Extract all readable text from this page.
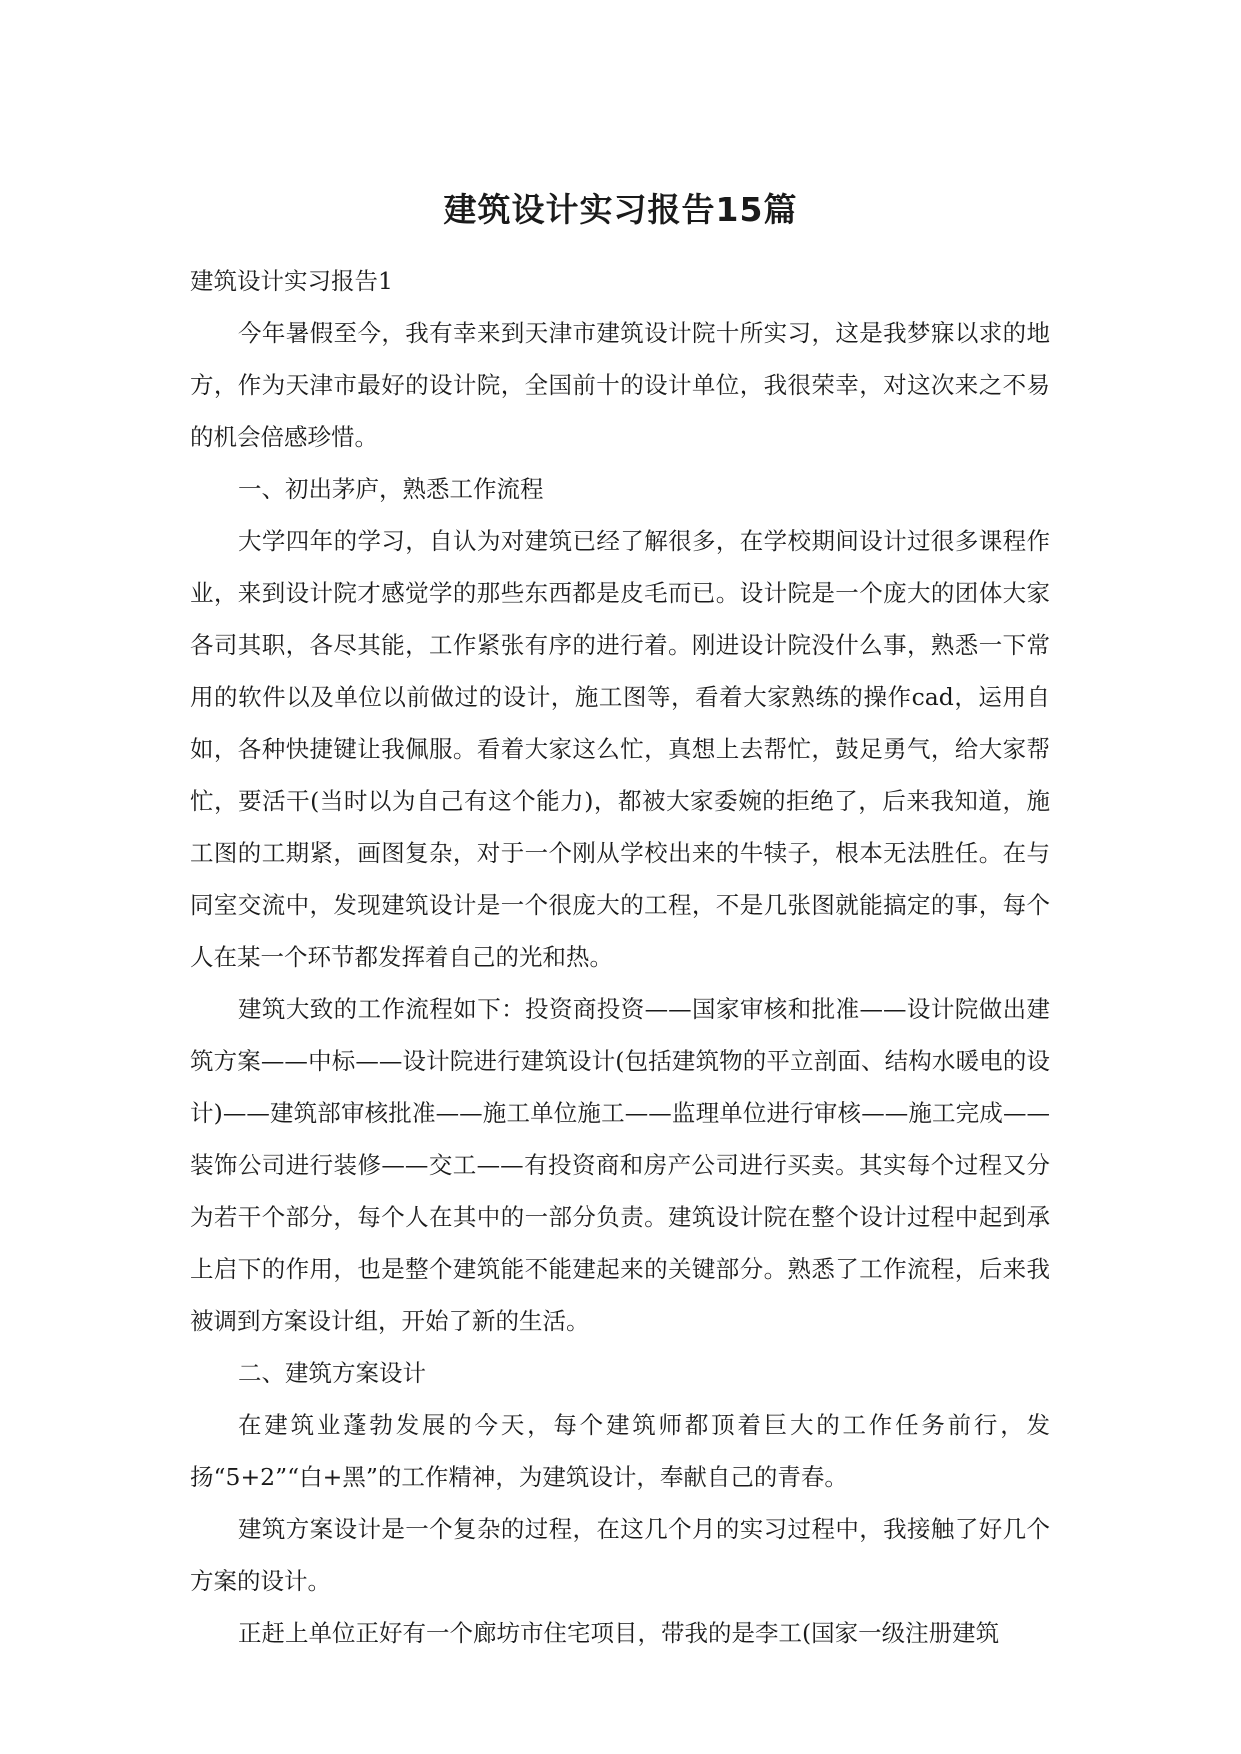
建筑设计实习报告15篇

建筑设计实习报告1

今年暑假至今，我有幸来到天津市建筑设计院十所实习，这是我梦寐以求的地方，作为天津市最好的设计院，全国前十的设计单位，我很荣幸，对这次来之不易的机会倍感珍惜。

一、初出茅庐，熟悉工作流程

大学四年的学习，自认为对建筑已经了解很多，在学校期间设计过很多课程作业，来到设计院才感觉学的那些东西都是皮毛而已。设计院是一个庞大的团体大家各司其职，各尽其能，工作紧张有序的进行着。刚进设计院没什么事，熟悉一下常用的软件以及单位以前做过的设计，施工图等，看着大家熟练的操作cad，运用自如，各种快捷键让我佩服。看着大家这么忙，真想上去帮忙，鼓足勇气，给大家帮忙，要活干(当时以为自己有这个能力)，都被大家委婉的拒绝了，后来我知道，施工图的工期紧，画图复杂，对于一个刚从学校出来的牛犊子，根本无法胜任。在与同室交流中，发现建筑设计是一个很庞大的工程，不是几张图就能搞定的事，每个人在某一个环节都发挥着自己的光和热。

建筑大致的工作流程如下：投资商投资——国家审核和批准——设计院做出建筑方案——中标——设计院进行建筑设计(包括建筑物的平立剖面、结构水暖电的设计)——建筑部审核批准——施工单位施工——监理单位进行审核——施工完成——装饰公司进行装修——交工——有投资商和房产公司进行买卖。其实每个过程又分为若干个部分，每个人在其中的一部分负责。建筑设计院在整个设计过程中起到承上启下的作用，也是整个建筑能不能建起来的关键部分。熟悉了工作流程，后来我被调到方案设计组，开始了新的生活。

二、建筑方案设计

在建筑业蓬勃发展的今天，每个建筑师都顶着巨大的工作任务前行，发扬“5+2”“白+黑”的工作精神，为建筑设计，奉献自己的青春。

建筑方案设计是一个复杂的过程，在这几个月的实习过程中，我接触了好几个方案的设计。

正赶上单位正好有一个廊坊市住宅项目，带我的是李工(国家一级注册建筑
